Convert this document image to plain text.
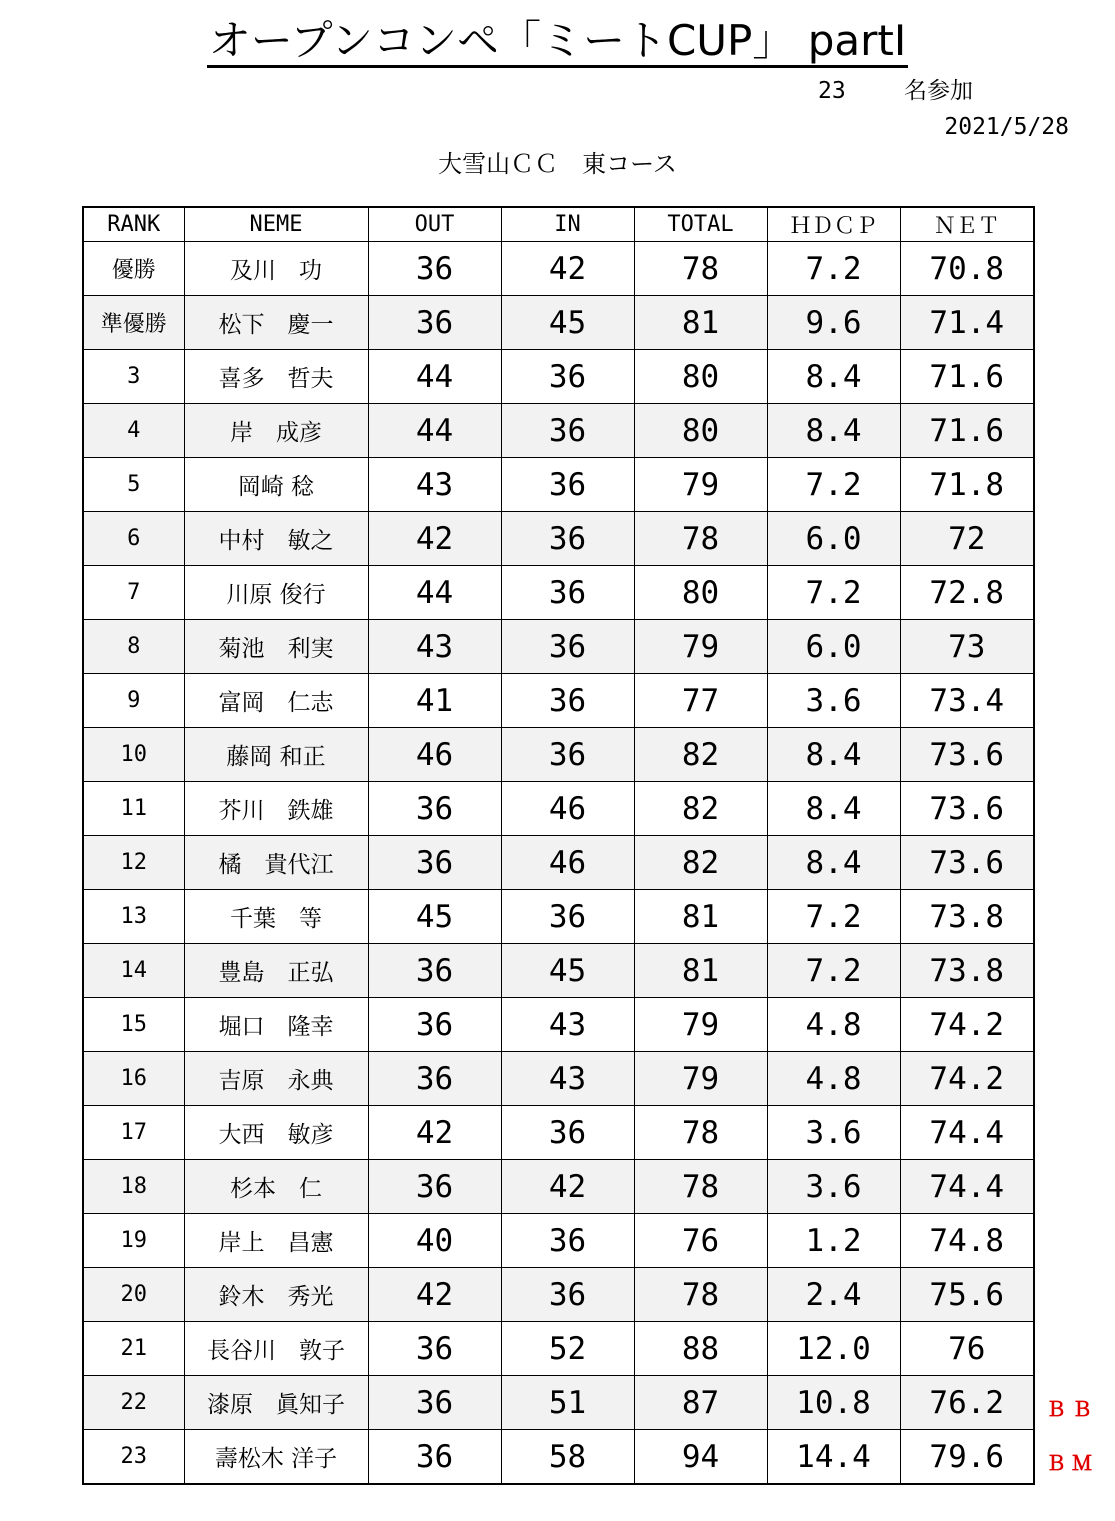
オープンコンペ「ミートCUP」 partⅠ
23	名参加
2021/5/28
大雪山ＣＣ　東コース
RANK	NEME	OUT	IN	TOTAL	ＨＤＣＰ	ＮＥＴ
優勝	及川　功	36	42	78	7.2	70.8
準優勝	松下　慶一	36	45	81	9.6	71.4
3	喜多　哲夫	44	36	80	8.4	71.6
4	岸　成彦	44	36	80	8.4	71.6
5	岡崎 稔	43	36	79	7.2	71.8
6	中村　敏之	42	36	78	6.0	72
7	川原 俊行	44	36	80	7.2	72.8
8	菊池　利実	43	36	79	6.0	73
9	富岡　仁志	41	36	77	3.6	73.4
10	藤岡 和正	46	36	82	8.4	73.6
11	芥川　鉄雄	36	46	82	8.4	73.6
12	橘　貴代江	36	46	82	8.4	73.6
13	千葉　等	45	36	81	7.2	73.8
14	豊島　正弘	36	45	81	7.2	73.8
15	堀口　隆幸	36	43	79	4.8	74.2
16	吉原　永典	36	43	79	4.8	74.2
17	大西　敏彦	42	36	78	3.6	74.4
18	杉本　仁	36	42	78	3.6	74.4
19	岸上　昌憲	40	36	76	1.2	74.8
20	鈴木　秀光	42	36	78	2.4	75.6
21	長谷川　敦子	36	52	88	12.0	76
22	漆原　眞知子	36	51	87	10.8	76.2
23	壽松木 洋子	36	58	94	14.4	79.6
ＢＢ
ＢＭ
